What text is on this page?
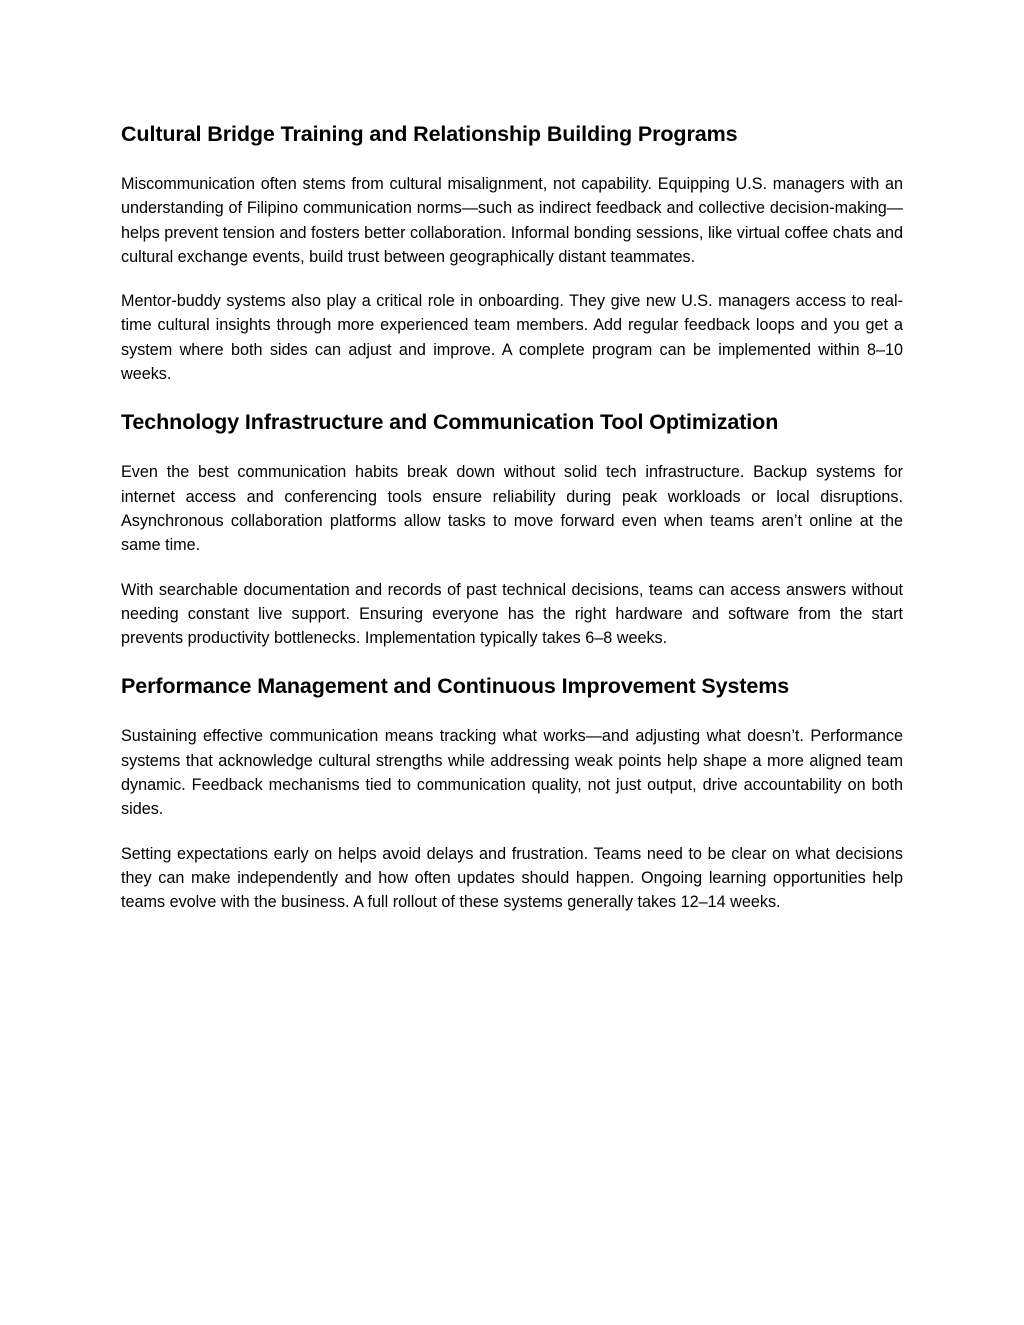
Cultural Bridge Training and Relationship Building Programs

Miscommunication often stems from cultural misalignment, not capability. Equipping U.S. managers with an understanding of Filipino communication norms—such as indirect feedback and collective decision-making—helps prevent tension and fosters better collaboration. Informal bonding sessions, like virtual coffee chats and cultural exchange events, build trust between geographically distant teammates.

Mentor-buddy systems also play a critical role in onboarding. They give new U.S. managers access to real-time cultural insights through more experienced team members. Add regular feedback loops and you get a system where both sides can adjust and improve. A complete program can be implemented within 8–10 weeks.

Technology Infrastructure and Communication Tool Optimization

Even the best communication habits break down without solid tech infrastructure. Backup systems for internet access and conferencing tools ensure reliability during peak workloads or local disruptions. Asynchronous collaboration platforms allow tasks to move forward even when teams aren’t online at the same time.

With searchable documentation and records of past technical decisions, teams can access answers without needing constant live support. Ensuring everyone has the right hardware and software from the start prevents productivity bottlenecks. Implementation typically takes 6–8 weeks.

Performance Management and Continuous Improvement Systems

Sustaining effective communication means tracking what works—and adjusting what doesn’t. Performance systems that acknowledge cultural strengths while addressing weak points help shape a more aligned team dynamic. Feedback mechanisms tied to communication quality, not just output, drive accountability on both sides.

Setting expectations early on helps avoid delays and frustration. Teams need to be clear on what decisions they can make independently and how often updates should happen. Ongoing learning opportunities help teams evolve with the business. A full rollout of these systems generally takes 12–14 weeks.
